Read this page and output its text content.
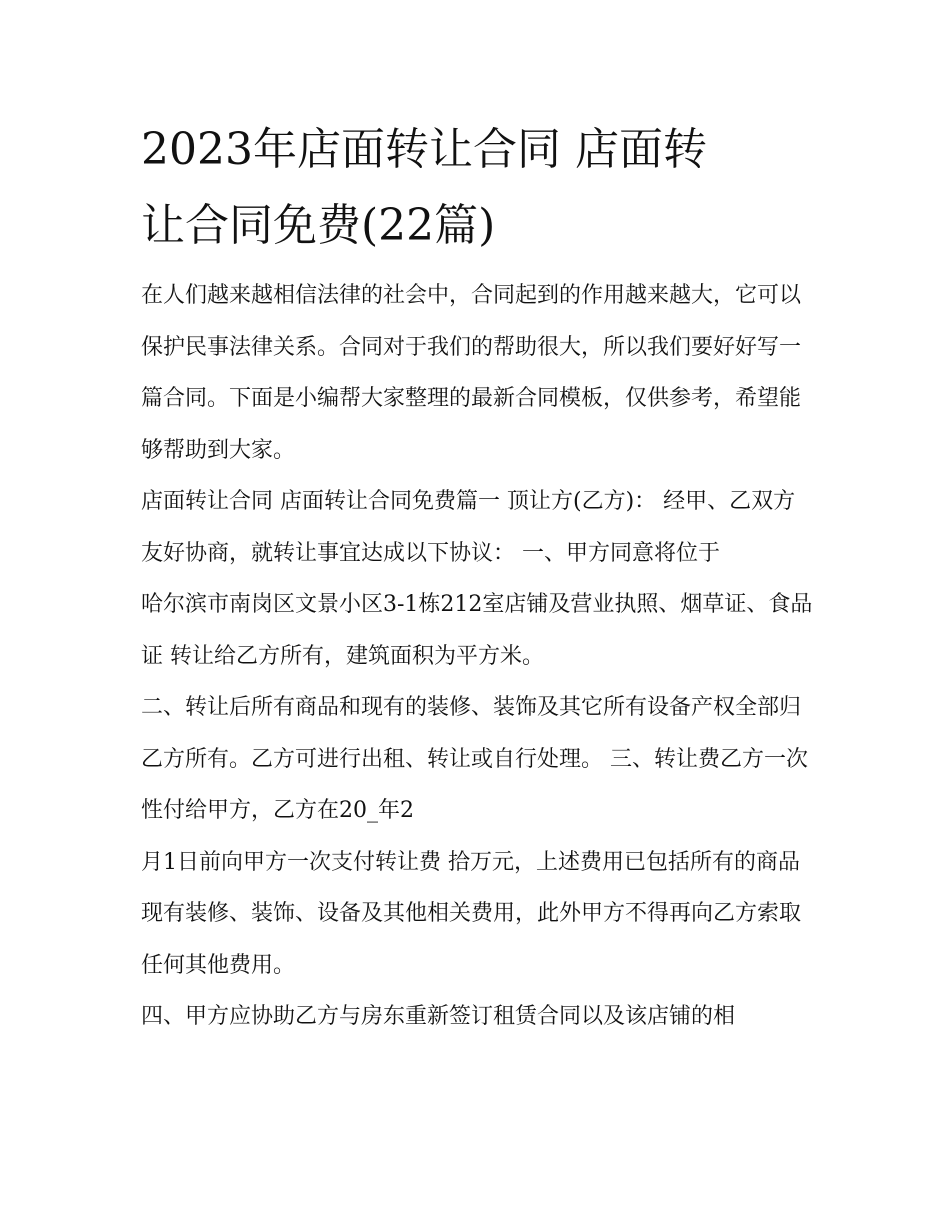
2023年店面转让合同 店面转
让合同免费(22篇)

在人们越来越相信法律的社会中，合同起到的作用越来越大，它可以保护民事法律关系。合同对于我们的帮助很大，所以我们要好好写一篇合同。下面是小编帮大家整理的最新合同模板，仅供参考，希望能够帮助到大家。

店面转让合同 店面转让合同免费篇一 顶让方(乙方)： 经甲、乙双方友好协商，就转让事宜达成以下协议： 一、甲方同意将位于

哈尔滨市南岗区文景小区3-1栋212室店铺及营业执照、烟草证、食品证 转让给乙方所有，建筑面积为平方米。

二、转让后所有商品和现有的装修、装饰及其它所有设备产权全部归乙方所有。乙方可进行出租、转让或自行处理。 三、转让费乙方一次性付给甲方，乙方在20_年2

月1日前向甲方一次支付转让费 拾万元，上述费用已包括所有的商品现有装修、装饰、设备及其他相关费用，此外甲方不得再向乙方索取任何其他费用。

四、甲方应协助乙方与房东重新签订租赁合同以及该店铺的相
